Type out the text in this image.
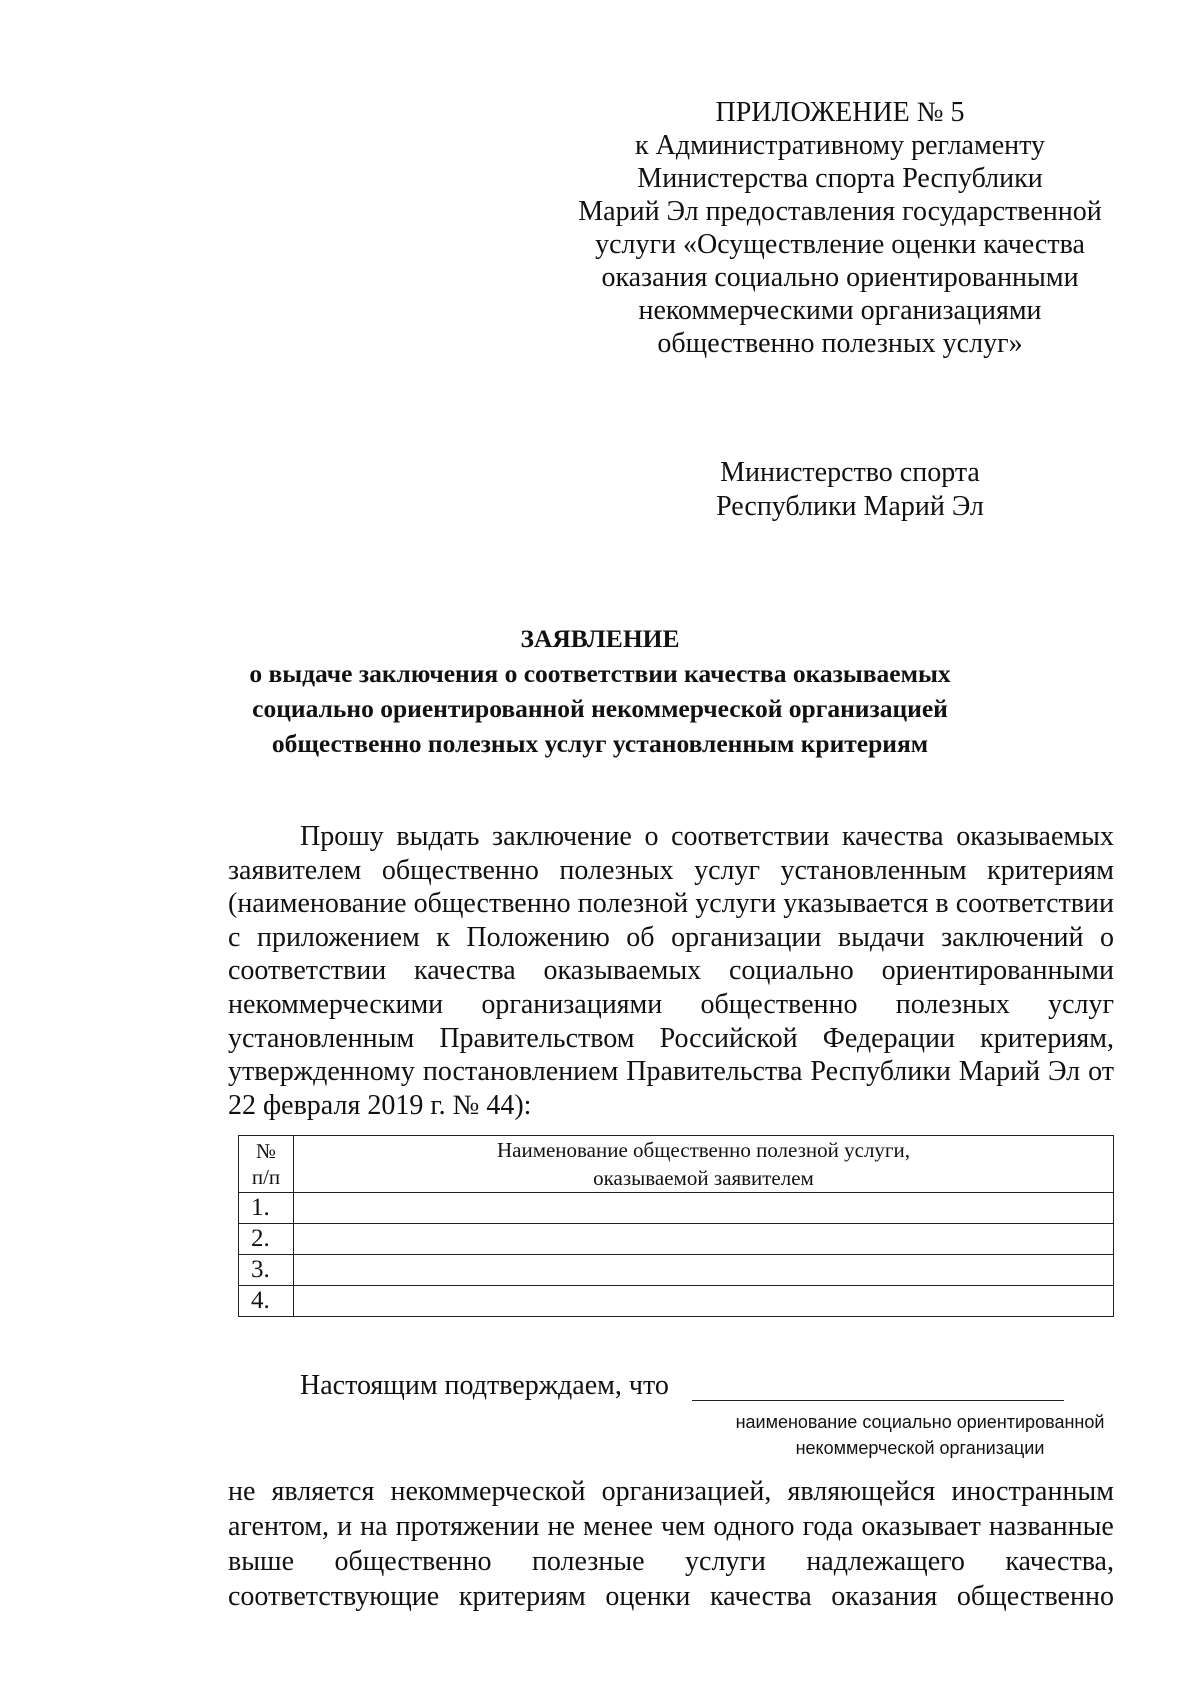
ПРИЛОЖЕНИЕ № 5
к Административному регламенту
Министерства спорта Республики
Марий Эл предоставления государственной
услуги «Осуществление оценки качества
оказания социально ориентированными
некоммерческими организациями
общественно полезных услуг»
Министерство спорта
Республики Марий Эл
ЗАЯВЛЕНИЕ
о выдаче заключения о соответствии качества оказываемых
социально ориентированной некоммерческой организацией
общественно полезных услуг установленным критериям
Прошу выдать заключение о соответствии качества оказываемых
заявителем общественно полезных услуг установленным критериям
(наименование общественно полезной услуги указывается в соответствии
с приложением к Положению об организации выдачи заключений о
соответствии качества оказываемых социально ориентированными
некоммерческими организациями общественно полезных услуг
установленным Правительством Российской Федерации критериям,
утвержденному постановлением Правительства Республики Марий Эл от
22 февраля 2019 г. № 44):
№
п/п	Наименование общественно полезной услуги,
оказываемой заявителем

1.	
2.	
3.	
4.	
Настоящим подтверждаем, что
наименование социально ориентированной
некоммерческой организации
не является некоммерческой организацией, являющейся иностранным
агентом, и на протяжении не менее чем одного года оказывает названные
выше общественно полезные услуги надлежащего качества,
соответствующие критериям оценки качества оказания общественно
